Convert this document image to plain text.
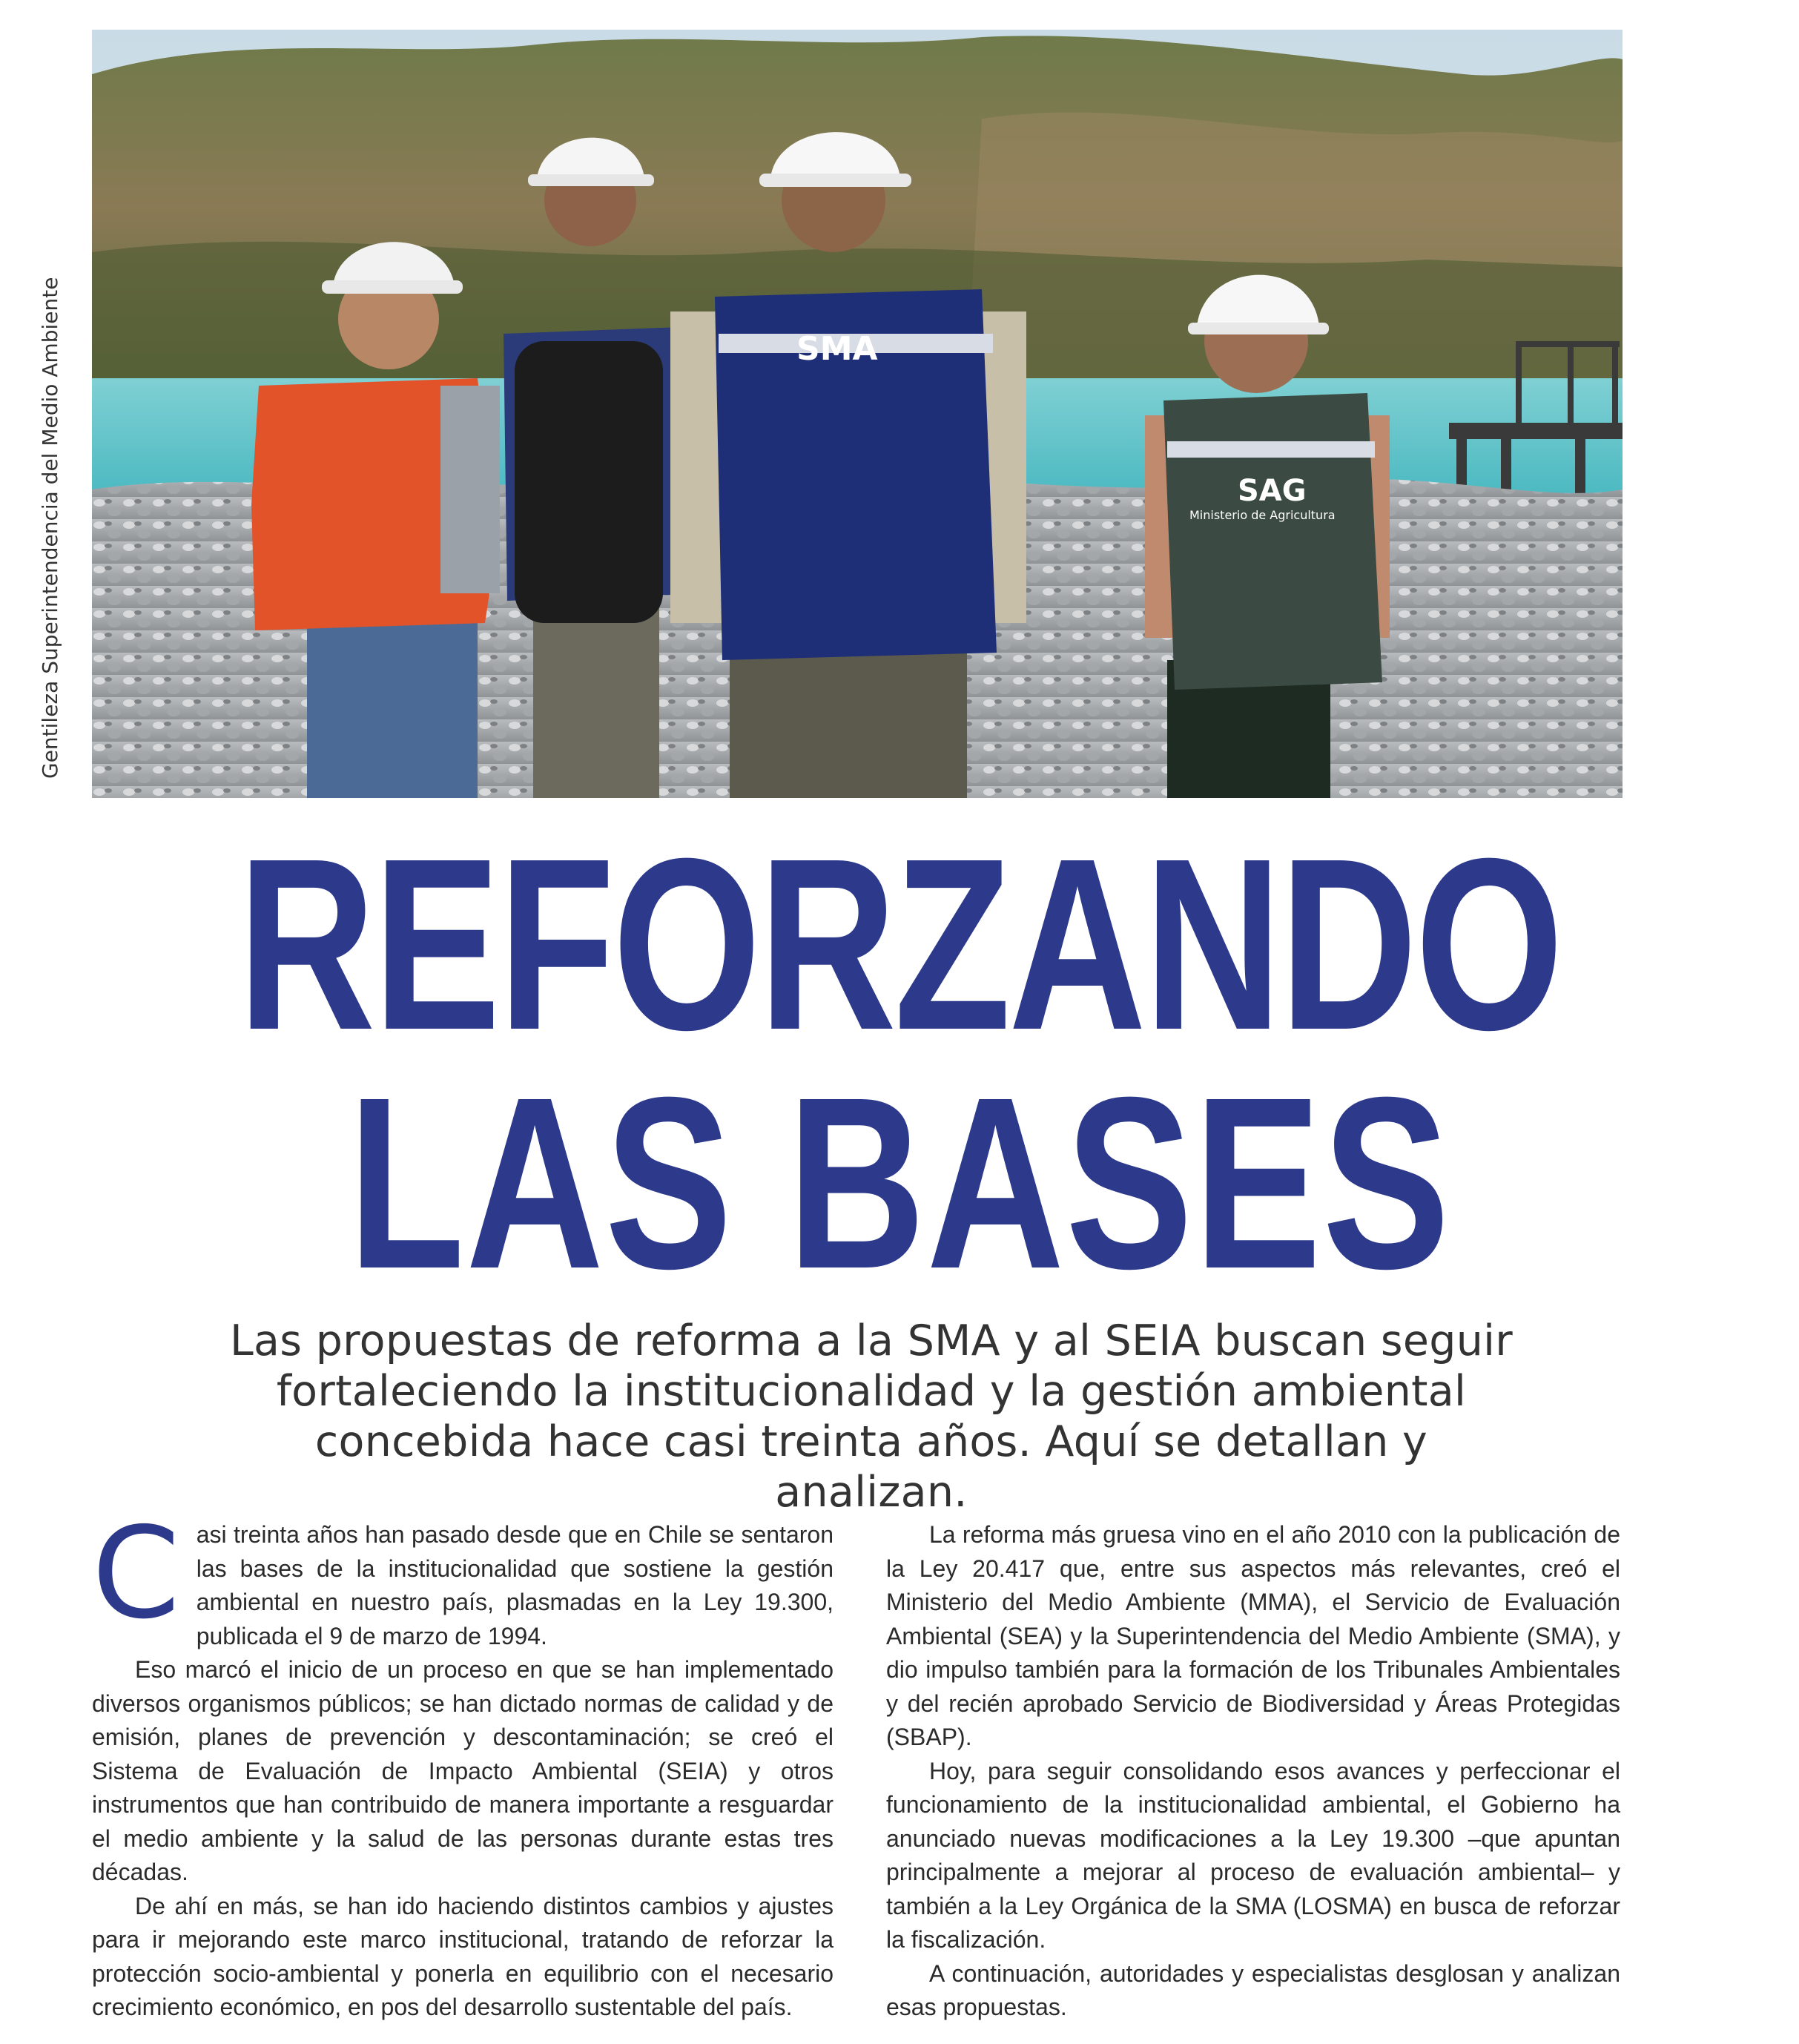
SMA
SAG
Ministerio de Agricultura
Gentileza Superintendencia del Medio Ambiente
REFORZANDO
LAS BASES
Las propuestas de reforma a la SMA y al SEIA buscan seguir fortaleciendo la institucionalidad y la gestión ambiental concebida hace casi treinta años. Aquí se detallan y analizan.

Casi treinta años han pasado desde que en Chile se sentaron las bases de la institucionalidad que sostiene la gestión ambiental en nuestro país, plasmadas en la Ley 19.300, publicada el 9 de marzo de 1994.

Eso marcó el inicio de un proceso en que se han implementado diversos organismos públicos; se han dictado normas de calidad y de emisión, planes de prevención y descontaminación; se creó el Sistema de Evaluación de Impacto Ambiental (SEIA) y otros instrumentos que han contribuido de manera importante a resguardar el medio ambiente y la salud de las personas durante estas tres décadas.

De ahí en más, se han ido haciendo distintos cambios y ajustes para ir mejorando este marco institucional, tratando de reforzar la protección socio-ambiental y ponerla en equilibrio con el necesario crecimiento económico, en pos del desarrollo sustentable del país.

La reforma más gruesa vino en el año 2010 con la publicación de la Ley 20.417 que, entre sus aspectos más relevantes, creó el Ministerio del Medio Ambiente (MMA), el Servicio de Evaluación Ambiental (SEA) y la Superintendencia del Medio Ambiente (SMA), y dio impulso también para la formación de los Tribunales Ambientales y del recién aprobado Servicio de Biodiversidad y Áreas Protegidas (SBAP).

Hoy, para seguir consolidando esos avances y perfeccionar el funcionamiento de la institucionalidad ambiental, el Gobierno ha anunciado nuevas modificaciones a la Ley 19.300 –que apuntan principalmente a mejorar al proceso de evaluación ambiental– y también a la Ley Orgánica de la SMA (LOSMA) en busca de reforzar la fiscalización.

A continuación, autoridades y especialistas desglosan y analizan esas propuestas.
